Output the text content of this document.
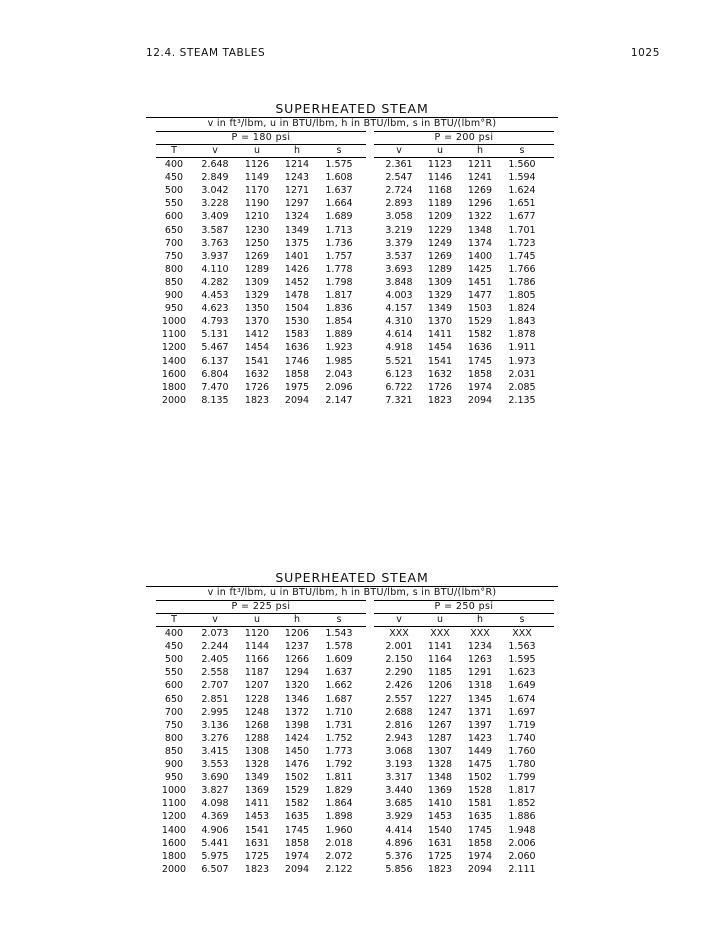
12.4. STEAM TABLES	1025
SUPERHEATED STEAM
v in ft³/lbm, u in BTU/lbm, h in BTU/lbm, s in BTU/(lbm°R)
P = 180 psi	P = 200 psi
T	v	u	h	s	v	u	h	s
400	2.648	1126	1214	1.575	2.361	1123	1211	1.560
450	2.849	1149	1243	1.608	2.547	1146	1241	1.594
500	3.042	1170	1271	1.637	2.724	1168	1269	1.624
550	3.228	1190	1297	1.664	2.893	1189	1296	1.651
600	3.409	1210	1324	1.689	3.058	1209	1322	1.677
650	3.587	1230	1349	1.713	3.219	1229	1348	1.701
700	3.763	1250	1375	1.736	3.379	1249	1374	1.723
750	3.937	1269	1401	1.757	3.537	1269	1400	1.745
800	4.110	1289	1426	1.778	3.693	1289	1425	1.766
850	4.282	1309	1452	1.798	3.848	1309	1451	1.786
900	4.453	1329	1478	1.817	4.003	1329	1477	1.805
950	4.623	1350	1504	1.836	4.157	1349	1503	1.824
1000	4.793	1370	1530	1.854	4.310	1370	1529	1.843
1100	5.131	1412	1583	1.889	4.614	1411	1582	1.878
1200	5.467	1454	1636	1.923	4.918	1454	1636	1.911
1400	6.137	1541	1746	1.985	5.521	1541	1745	1.973
1600	6.804	1632	1858	2.043	6.123	1632	1858	2.031
1800	7.470	1726	1975	2.096	6.722	1726	1974	2.085
2000	8.135	1823	2094	2.147	7.321	1823	2094	2.135
SUPERHEATED STEAM
v in ft³/lbm, u in BTU/lbm, h in BTU/lbm, s in BTU/(lbm°R)
P = 225 psi	P = 250 psi
T	v	u	h	s	v	u	h	s
400	2.073	1120	1206	1.543	XXX	XXX	XXX	XXX
450	2.244	1144	1237	1.578	2.001	1141	1234	1.563
500	2.405	1166	1266	1.609	2.150	1164	1263	1.595
550	2.558	1187	1294	1.637	2.290	1185	1291	1.623
600	2.707	1207	1320	1.662	2.426	1206	1318	1.649
650	2.851	1228	1346	1.687	2.557	1227	1345	1.674
700	2.995	1248	1372	1.710	2.688	1247	1371	1.697
750	3.136	1268	1398	1.731	2.816	1267	1397	1.719
800	3.276	1288	1424	1.752	2.943	1287	1423	1.740
850	3.415	1308	1450	1.773	3.068	1307	1449	1.760
900	3.553	1328	1476	1.792	3.193	1328	1475	1.780
950	3.690	1349	1502	1.811	3.317	1348	1502	1.799
1000	3.827	1369	1529	1.829	3.440	1369	1528	1.817
1100	4.098	1411	1582	1.864	3.685	1410	1581	1.852
1200	4.369	1453	1635	1.898	3.929	1453	1635	1.886
1400	4.906	1541	1745	1.960	4.414	1540	1745	1.948
1600	5.441	1631	1858	2.018	4.896	1631	1858	2.006
1800	5.975	1725	1974	2.072	5.376	1725	1974	2.060
2000	6.507	1823	2094	2.122	5.856	1823	2094	2.111
